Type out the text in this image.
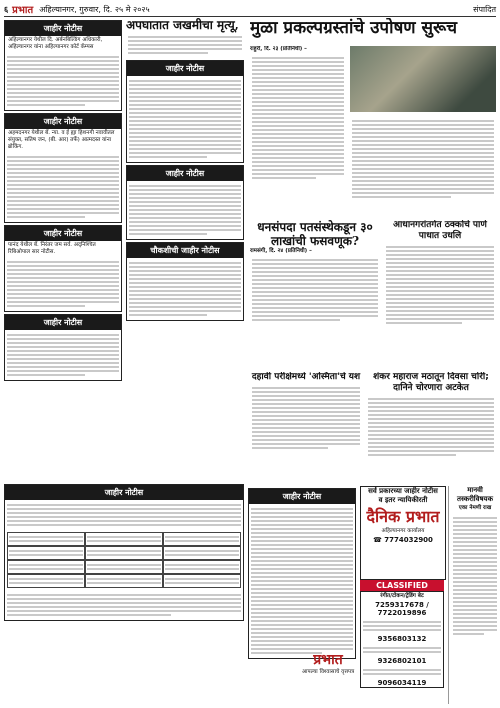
६ प्रभात अहिल्यानगर, गुरुवार, दि. २५ मे २०२५	संपादित
जाहीर नोटीस
अहिल्यानगर येथील दि. अर्बनबिल्डिंग अधिकारी, अहिल्यानगर यांना अहिल्यानगर कोर्ट कॅम्पस
जाहीर नोटीस
अहमदनगर येथील बँ. न्या. व ई ह्या हिशनगी नवावीतल संयुक्त, सतिष जन, (बी. आर) तर्फे) आत्मदस्त यांना ब्रोकिंग.
जाहीर नोटीस
पानंद येथील बँ. निरंतर जम सर्व. अद्निश्चित रिबिओपाल सार नोटीस.
जाहीर नोटीस
अपघातात जखमीचा मृत्यू,
जाहीर नोटीस
जाहीर नोटीस
चौकशीची जाहीर नोटीस
मुळा प्रकल्पग्रस्तांचे उपोषण सुरूच
राहुरी, दि. २३ (प्रतिनिधी) –
धनसंपदा पतसंस्थेकडून ३० लाखांची फसवणूक?
रामसंगी, दि. २४ (प्रतिनिधी) –
आधानगरांतर्गत ठक्कोचे पाणे पाधात उधलि
दहावी परीक्षेमध्ये 'अस्मिता'चे यश	शंकर महाराज मठातून दिवसा चोरी; दानिने चोरणारा अटकेत
जाहीर नोटीस	जाहीर नोटीस
सर्व प्रकारच्या जाहीर नोटीस
व इतर न्यायिकीरती
दैनिक प्रभात
अहिल्यानगर कार्यालय
☎ 7774032900
CLASSIFIED
रंगीत/टोकन/ट्रेडिंग बेट
7259317678 / 7722019896
9356803132
9326802101
9096034119
मानवी तस्करीविषयक
एका नेमणी राख
प्रभात
आपल्या विश्वासाचे वृत्तपत्र
